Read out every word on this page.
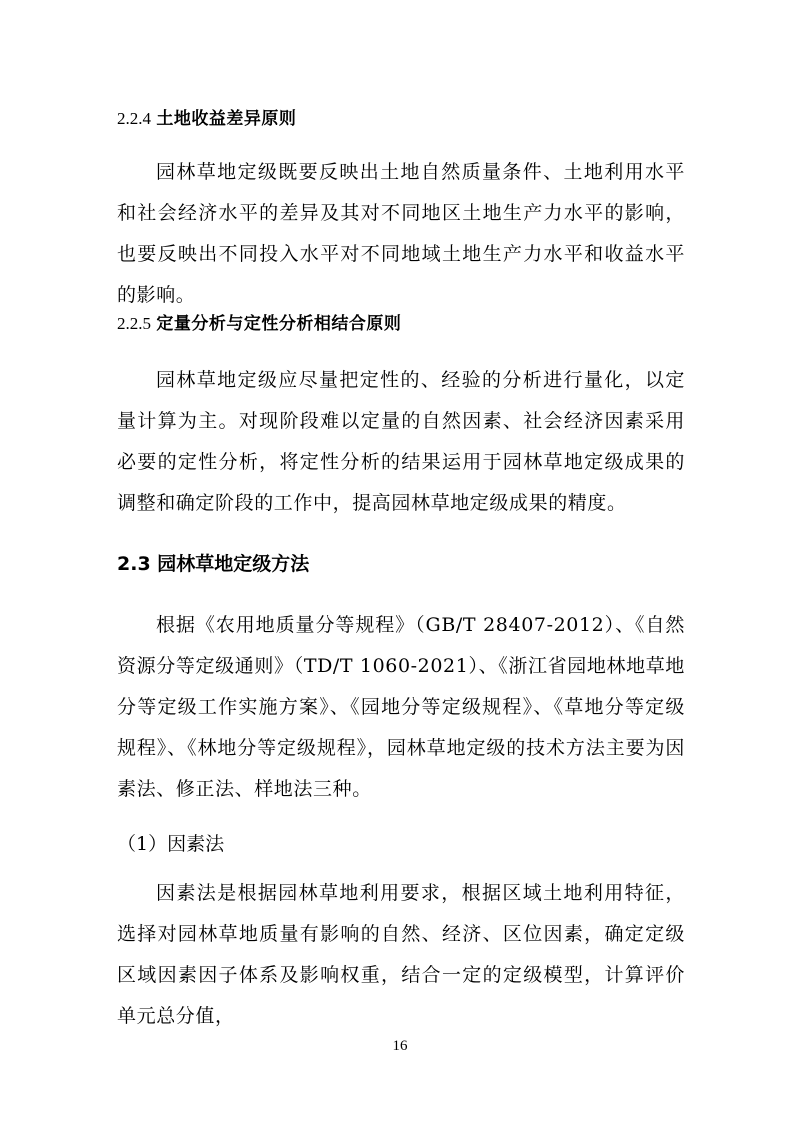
2.2.4 土地收益差异原则

园林草地定级既要反映出土地自然质量条件、土地利用水平和社会经济水平的差异及其对不同地区土地生产力水平的影响，也要反映出不同投入水平对不同地域土地生产力水平和收益水平的影响。

2.2.5 定量分析与定性分析相结合原则

园林草地定级应尽量把定性的、经验的分析进行量化，以定量计算为主。对现阶段难以定量的自然因素、社会经济因素采用必要的定性分析，将定性分析的结果运用于园林草地定级成果的调整和确定阶段的工作中，提高园林草地定级成果的精度。

2.3 园林草地定级方法

根据《农用地质量分等规程》（GB/T 28407-2012）、《自然资源分等定级通则》（TD/T 1060-2021）、《浙江省园地林地草地分等定级工作实施方案》、《园地分等定级规程》、《草地分等定级规程》、《林地分等定级规程》，园林草地定级的技术方法主要为因素法、修正法、样地法三种。

（1）因素法

因素法是根据园林草地利用要求，根据区域土地利用特征，选择对园林草地质量有影响的自然、经济、区位因素，确定定级区域因素因子体系及影响权重，结合一定的定级模型，计算评价单元总分值，

16
